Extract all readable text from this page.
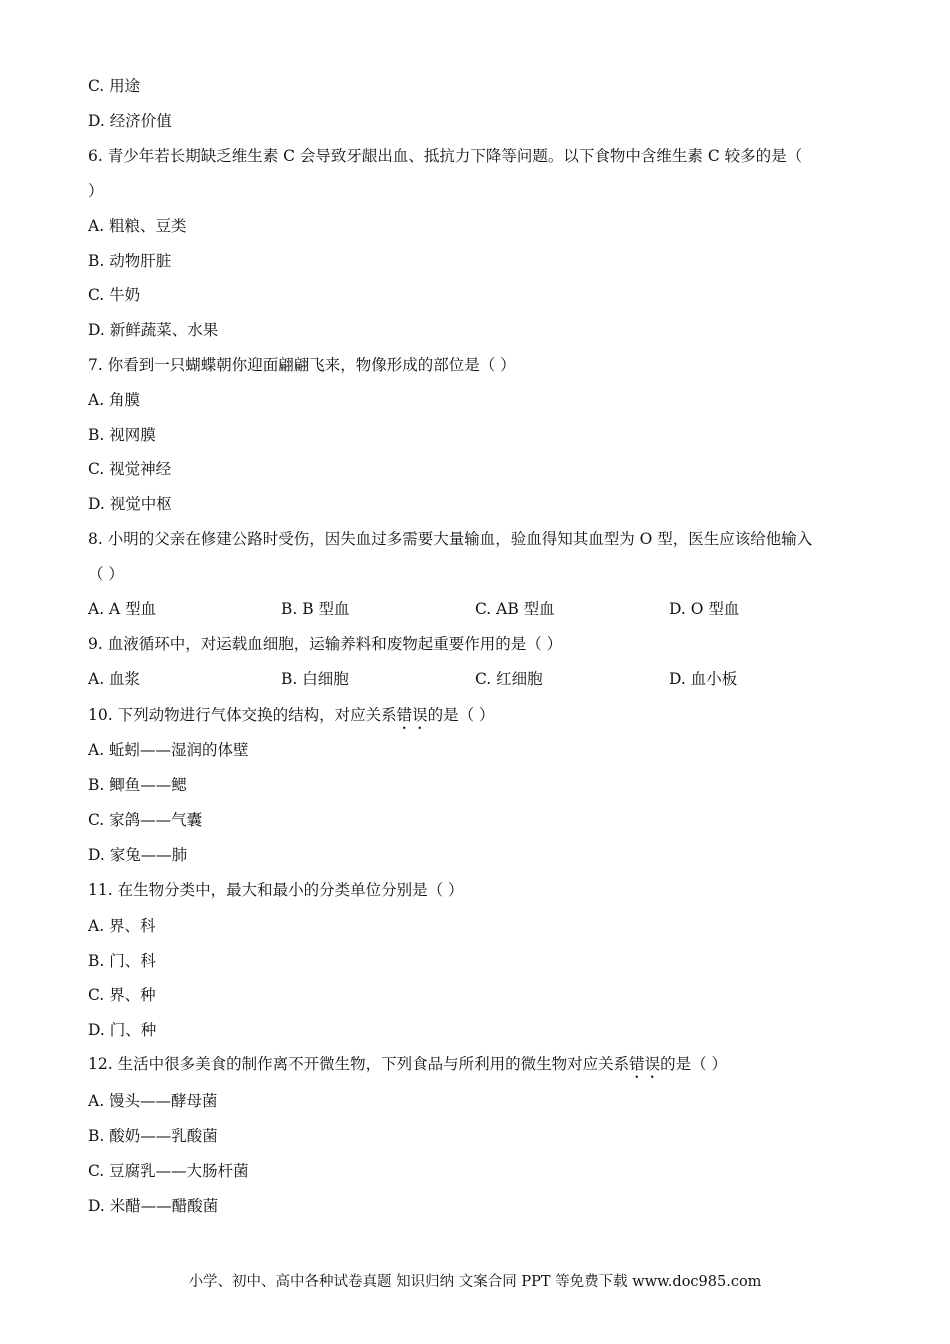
C. 用途
D. 经济价值
6. 青少年若长期缺乏维生素 C 会导致牙龈出血、抵抗力下降等问题。以下食物中含维生素 C 较多的是（
）
A. 粗粮、豆类
B. 动物肝脏
C. 牛奶
D. 新鲜蔬菜、水果
7. 你看到一只蝴蝶朝你迎面翩翩飞来，物像形成的部位是（ ）
A. 角膜
B. 视网膜
C. 视觉神经
D. 视觉中枢
8. 小明的父亲在修建公路时受伤，因失血过多需要大量输血，验血得知其血型为 O 型，医生应该给他输入
（ ）
A. A 型血	B. B 型血	C. AB 型血	D. O 型血
9. 血液循环中，对运载血细胞，运输养料和废物起重要作用的是（ ）
A. 血浆	B. 白细胞	C. 红细胞	D. 血小板
10. 下列动物进行气体交换的结构，对应关系错误的是（ ）
A. 蚯蚓——湿润的体壁
B. 鲫鱼——鳃
C. 家鸽——气囊
D. 家兔——肺
11. 在生物分类中，最大和最小的分类单位分别是（ ）
A. 界、科
B. 门、科
C. 界、种
D. 门、种
12. 生活中很多美食的制作离不开微生物，下列食品与所利用的微生物对应关系错误的是（ ）
A. 馒头——酵母菌
B. 酸奶——乳酸菌
C. 豆腐乳——大肠杆菌
D. 米醋——醋酸菌
小学、初中、高中各种试卷真题 知识归纳 文案合同 PPT 等免费下载 www.doc985.com
